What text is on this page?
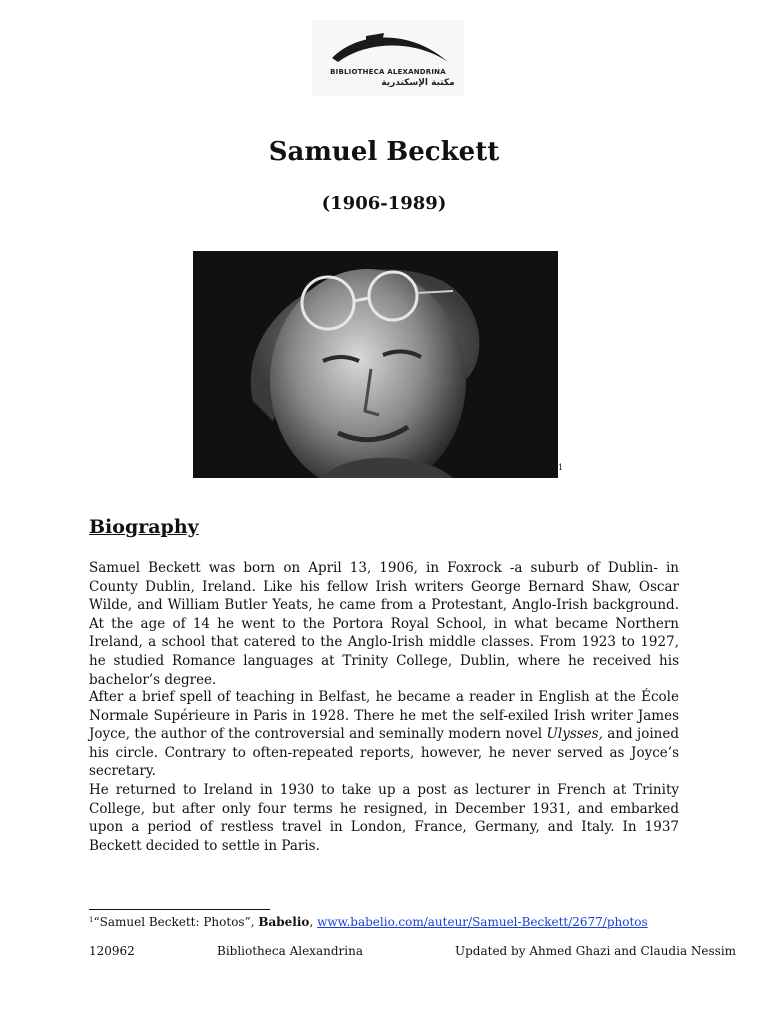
BIBLIOTHECA ALEXANDRINA
مكتبة الإسكندرية
Samuel Beckett
(1906-1989)
1
Biography

Samuel Beckett was born on April 13, 1906, in Foxrock -a suburb of Dublin- in County Dublin, Ireland. Like his fellow Irish writers George Bernard Shaw, Oscar Wilde, and William Butler Yeats, he came from a Protestant, Anglo-Irish background. At the age of 14 he went to the Portora Royal School, in what became Northern Ireland, a school that catered to the Anglo-Irish middle classes. From 1923 to 1927, he studied Romance languages at Trinity College, Dublin, where he received his bachelor’s degree.

After a brief spell of teaching in Belfast, he became a reader in English at the École Normale Supérieure in Paris in 1928. There he met the self-exiled Irish writer James Joyce, the author of the controversial and seminally modern novel Ulysses, and joined his circle. Contrary to often-repeated reports, however, he never served as Joyce’s secretary.

He returned to Ireland in 1930 to take up a post as lecturer in French at Trinity College, but after only four terms he resigned, in December 1931, and embarked upon a period of restless travel in London, France, Germany, and Italy. In 1937 Beckett decided to settle in Paris.

$^1$“Samuel Beckett: Photos”, Babelio, www.babelio.com/auteur/Samuel-Beckett/2677/photos
120962	Bibliotheca Alexandrina	Updated by Ahmed Ghazi and Claudia Nessim
